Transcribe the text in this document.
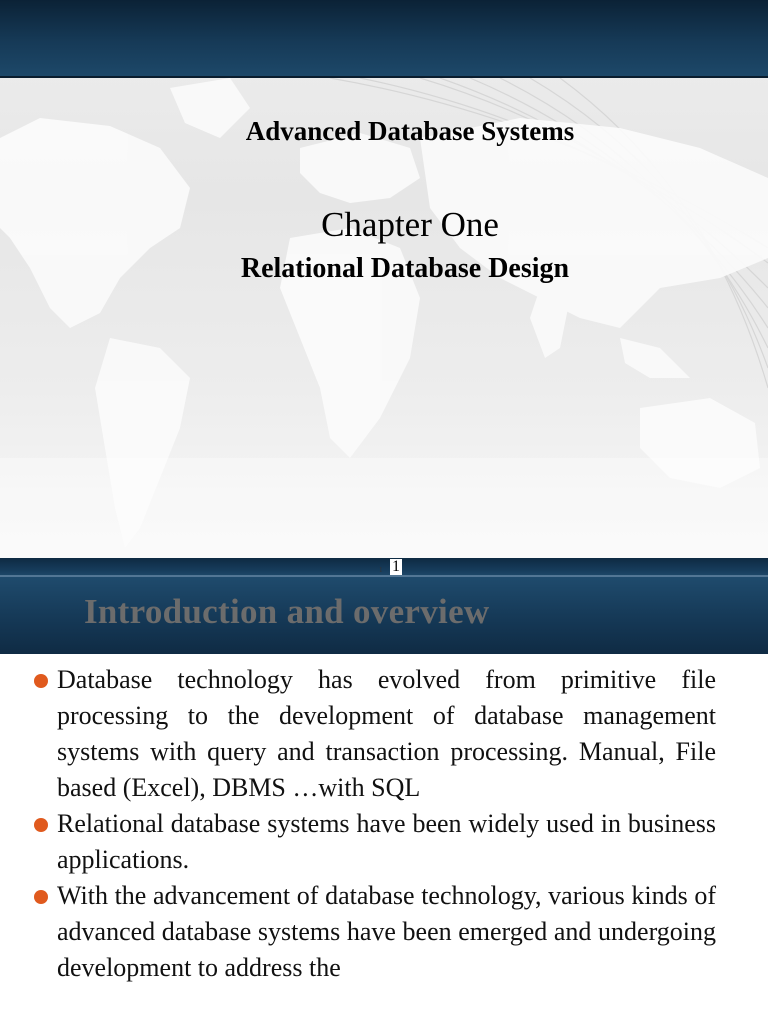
Advanced Database Systems
Chapter One
Relational Database Design
Introduction and overview
1 1
Database technology has evolved from primitive file processing to the development of database management systems with query and transaction processing. Manual, File based (Excel), DBMS …with SQL
Relational database systems have been widely used in business applications.
With the advancement of database technology, various kinds of advanced database systems have been emerged and undergoing development to address the
